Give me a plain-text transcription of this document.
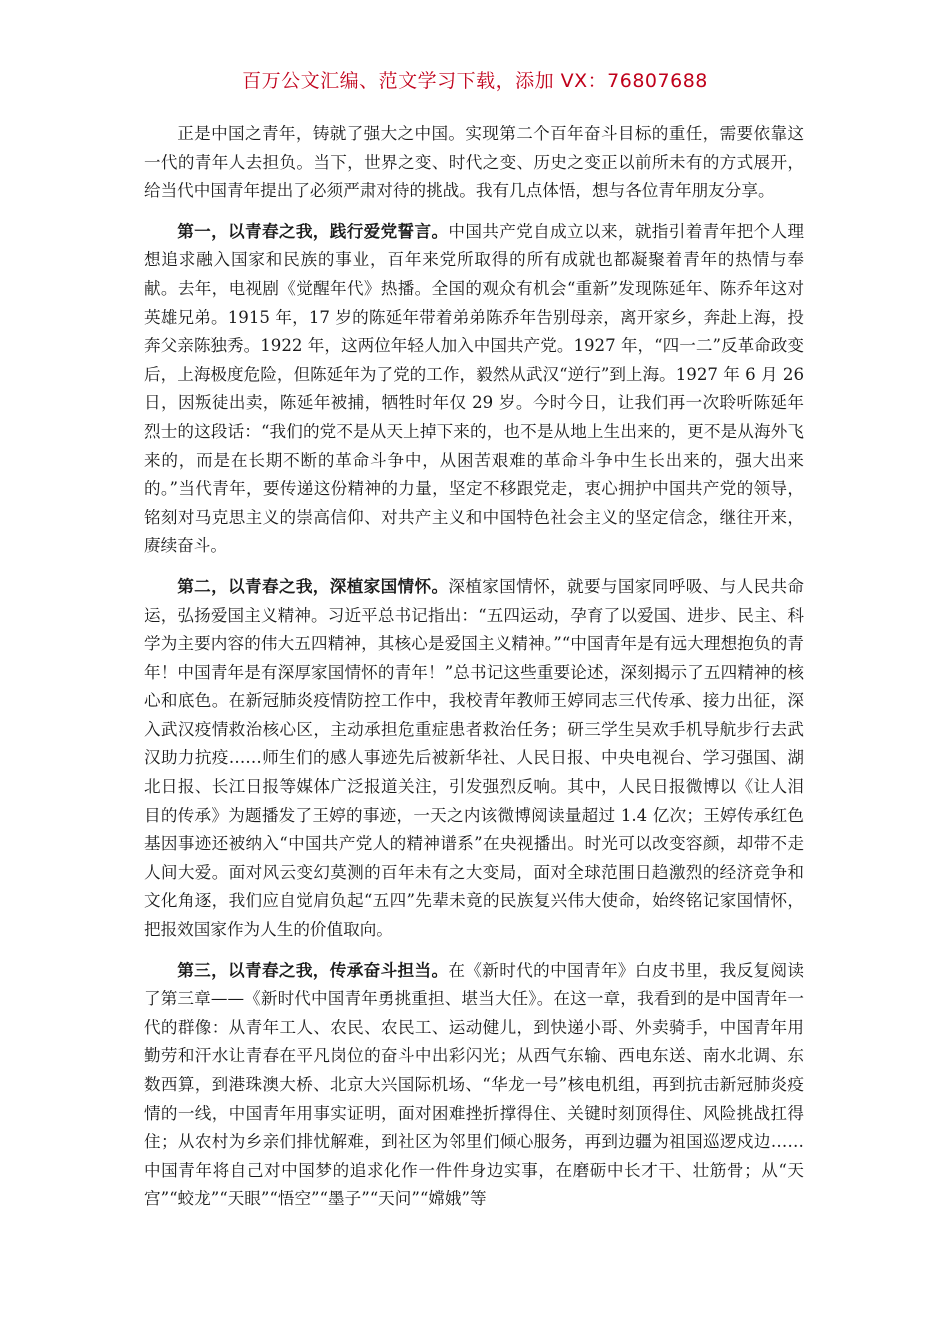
百万公文汇编、范文学习下载，添加 VX：76807688

正是中国之青年，铸就了强大之中国。实现第二个百年奋斗目标的重任，需要依靠这一代的青年人去担负。当下，世界之变、时代之变、历史之变正以前所未有的方式展开，给当代中国青年提出了必须严肃对待的挑战。我有几点体悟，想与各位青年朋友分享。

第一，以青春之我，践行爱党誓言。中国共产党自成立以来，就指引着青年把个人理想追求融入国家和民族的事业，百年来党所取得的所有成就也都凝聚着青年的热情与奉献。去年，电视剧《觉醒年代》热播。全国的观众有机会“重新”发现陈延年、陈乔年这对英雄兄弟。1915 年，17 岁的陈延年带着弟弟陈乔年告别母亲，离开家乡，奔赴上海，投奔父亲陈独秀。1922 年，这两位年轻人加入中国共产党。1927 年，“四一二”反革命政变后，上海极度危险，但陈延年为了党的工作，毅然从武汉“逆行”到上海。1927 年 6 月 26 日，因叛徒出卖，陈延年被捕，牺牲时年仅 29 岁。今时今日，让我们再一次聆听陈延年烈士的这段话：“我们的党不是从天上掉下来的，也不是从地上生出来的，更不是从海外飞来的，而是在长期不断的革命斗争中，从困苦艰难的革命斗争中生长出来的，强大出来的。”当代青年，要传递这份精神的力量，坚定不移跟党走，衷心拥护中国共产党的领导，铭刻对马克思主义的崇高信仰、对共产主义和中国特色社会主义的坚定信念，继往开来，赓续奋斗。

第二，以青春之我，深植家国情怀。深植家国情怀，就要与国家同呼吸、与人民共命运，弘扬爱国主义精神。习近平总书记指出：“五四运动，孕育了以爱国、进步、民主、科学为主要内容的伟大五四精神，其核心是爱国主义精神。”“中国青年是有远大理想抱负的青年！中国青年是有深厚家国情怀的青年！”总书记这些重要论述，深刻揭示了五四精神的核心和底色。在新冠肺炎疫情防控工作中，我校青年教师王婷同志三代传承、接力出征，深入武汉疫情救治核心区，主动承担危重症患者救治任务；研三学生吴欢手机导航步行去武汉助力抗疫……师生们的感人事迹先后被新华社、人民日报、中央电视台、学习强国、湖北日报、长江日报等媒体广泛报道关注，引发强烈反响。其中，人民日报微博以《让人泪目的传承》为题播发了王婷的事迹，一天之内该微博阅读量超过 1.4 亿次；王婷传承红色基因事迹还被纳入“中国共产党人的精神谱系”在央视播出。时光可以改变容颜，却带不走人间大爱。面对风云变幻莫测的百年未有之大变局，面对全球范围日趋激烈的经济竞争和文化角逐，我们应自觉肩负起“五四”先辈未竟的民族复兴伟大使命，始终铭记家国情怀，把报效国家作为人生的价值取向。

第三，以青春之我，传承奋斗担当。在《新时代的中国青年》白皮书里，我反复阅读了第三章——《新时代中国青年勇挑重担、堪当大任》。在这一章，我看到的是中国青年一代的群像：从青年工人、农民、农民工、运动健儿，到快递小哥、外卖骑手，中国青年用勤劳和汗水让青春在平凡岗位的奋斗中出彩闪光；从西气东输、西电东送、南水北调、东数西算，到港珠澳大桥、北京大兴国际机场、“华龙一号”核电机组，再到抗击新冠肺炎疫情的一线，中国青年用事实证明，面对困难挫折撑得住、关键时刻顶得住、风险挑战扛得住；从农村为乡亲们排忧解难，到社区为邻里们倾心服务，再到边疆为祖国巡逻戍边……中国青年将自己对中国梦的追求化作一件件身边实事，在磨砺中长才干、壮筋骨；从“天宫”“蛟龙”“天眼”“悟空”“墨子”“天问”“嫦娥”等
